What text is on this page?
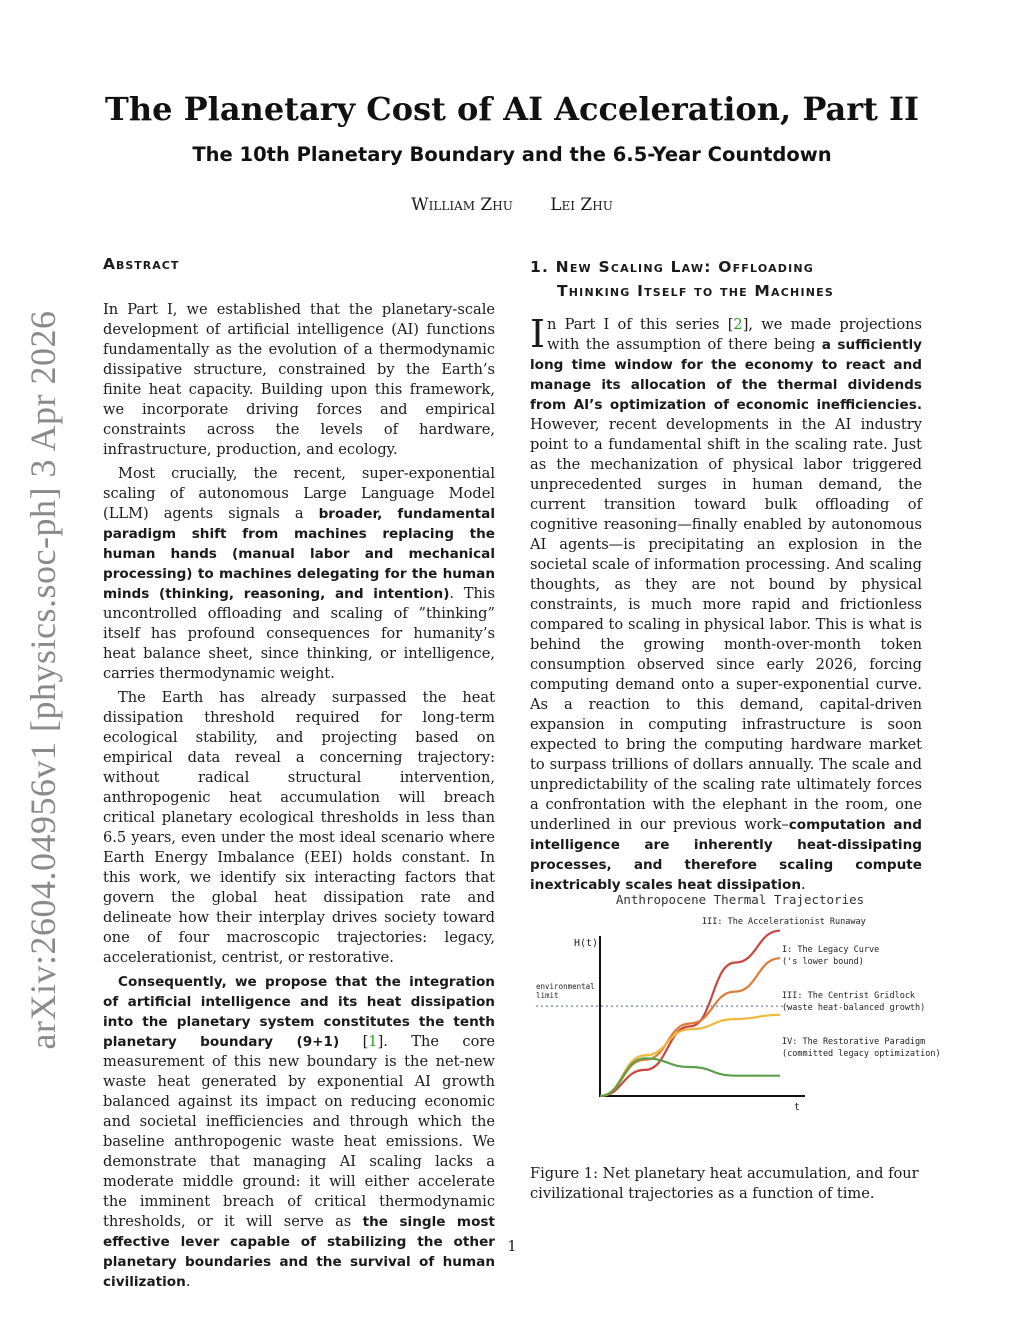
arXiv:2604.04956v1 [physics.soc-ph] 3 Apr 2026
The Planetary Cost of AI Acceleration, Part II
The 10th Planetary Boundary and the 6.5-Year Countdown
William Zhu Lei Zhu
Abstract

In Part I, we established that the planetary-scale development of artificial intelligence (AI) functions fundamentally as the evolution of a thermodynamic dissipative structure, constrained by the Earth’s finite heat capacity. Building upon this framework, we incorporate driving forces and empirical constraints across the levels of hardware, infrastructure, production, and ecology.

Most crucially, the recent, super-exponential scaling of autonomous Large Language Model (LLM) agents signals a broader, fundamental paradigm shift from machines replacing the human hands (manual labor and mechanical processing) to machines delegating for the human minds (thinking, reasoning, and intention). This uncontrolled offloading and scaling of ”thinking” itself has profound consequences for humanity’s heat balance sheet, since thinking, or intelligence, carries thermodynamic weight.

The Earth has already surpassed the heat dissipation threshold required for long-term ecological stability, and projecting based on empirical data reveal a concerning trajectory: without radical structural intervention, anthropogenic heat accumulation will breach critical planetary ecological thresholds in less than 6.5 years, even under the most ideal scenario where Earth Energy Imbalance (EEI) holds constant. In this work, we identify six interacting factors that govern the global heat dissipation rate and delineate how their interplay drives society toward one of four macroscopic trajectories: legacy, accelerationist, centrist, or restorative.

Consequently, we propose that the integration of artificial intelligence and its heat dissipation into the planetary system constitutes the tenth planetary boundary (9+1) [1]. The core measurement of this new boundary is the net-new waste heat generated by exponential AI growth balanced against its impact on reducing economic and societal inefficiencies and through which the baseline anthropogenic waste heat emissions. We demonstrate that managing AI scaling lacks a moderate middle ground: it will either accelerate the imminent breach of critical thermodynamic thresholds, or it will serve as the single most effective lever capable of stabilizing the other planetary boundaries and the survival of human civilization.

1. New Scaling Law: Offloading
Thinking Itself to the Machines

In Part I of this series [2], we made projections with the assumption of there being a sufficiently long time window for the economy to react and manage its allocation of the thermal dividends from AI’s optimization of economic inefficiencies. However, recent developments in the AI industry point to a fundamental shift in the scaling rate. Just as the mechanization of physical labor triggered unprecedented surges in human demand, the current transition toward bulk offloading of cognitive reasoning—finally enabled by autonomous AI agents—is precipitating an explosion in the societal scale of information processing. And scaling thoughts, as they are not bound by physical constraints, is much more rapid and frictionless compared to scaling in physical labor. This is what is behind the growing month-over-month token consumption observed since early 2026, forcing computing demand onto a super-exponential curve. As a reaction to this demand, capital-driven expansion in computing infrastructure is soon expected to bring the computing hardware market to surpass trillions of dollars annually. The scale and unpredictability of the scaling rate ultimately forces a confrontation with the elephant in the room, one underlined in our previous work–computation and intelligence are inherently heat-dissipating processes, and therefore scaling compute inextricably scales heat dissipation.

Anthropocene Thermal Trajectories
H(t)
t
environmental
limit
III: The Accelerationist Runaway
I: The Legacy Curve
('s lower bound)
III: The Centrist Gridlock
(waste heat-balanced growth)
IV: The Restorative Paradigm
(committed legacy optimization)
Figure 1: Net planetary heat accumulation, and four civilizational trajectories as a function of time.
1
